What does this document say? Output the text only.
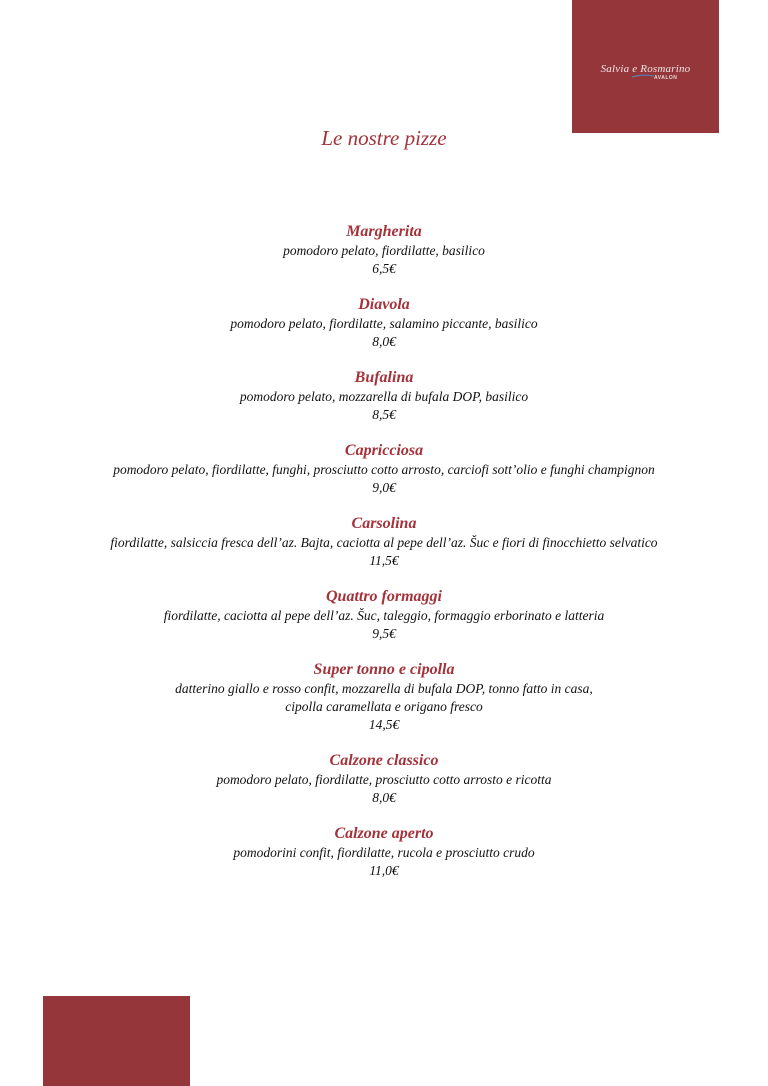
Salvia e Rosmarino
AVALON
Le nostre pizze
Margherita
pomodoro pelato, fiordilatte, basilico
6,5€
Diavola
pomodoro pelato, fiordilatte, salamino piccante, basilico
8,0€
Bufalina
pomodoro pelato, mozzarella di bufala DOP, basilico
8,5€
Capricciosa
pomodoro pelato, fiordilatte, funghi, prosciutto cotto arrosto, carciofi sott’olio e funghi champignon
9,0€
Carsolina
fiordilatte, salsiccia fresca dell’az. Bajta, caciotta al pepe dell’az. Šuc e fiori di finocchietto selvatico
11,5€
Quattro formaggi
fiordilatte, caciotta al pepe dell’az. Šuc, taleggio, formaggio erborinato e latteria
9,5€
Super tonno e cipolla
datterino giallo e rosso confit, mozzarella di bufala DOP, tonno fatto in casa,
cipolla caramellata e origano fresco
14,5€
Calzone classico
pomodoro pelato, fiordilatte, prosciutto cotto arrosto e ricotta
8,0€
Calzone aperto
pomodorini confit, fiordilatte, rucola e prosciutto crudo
11,0€
